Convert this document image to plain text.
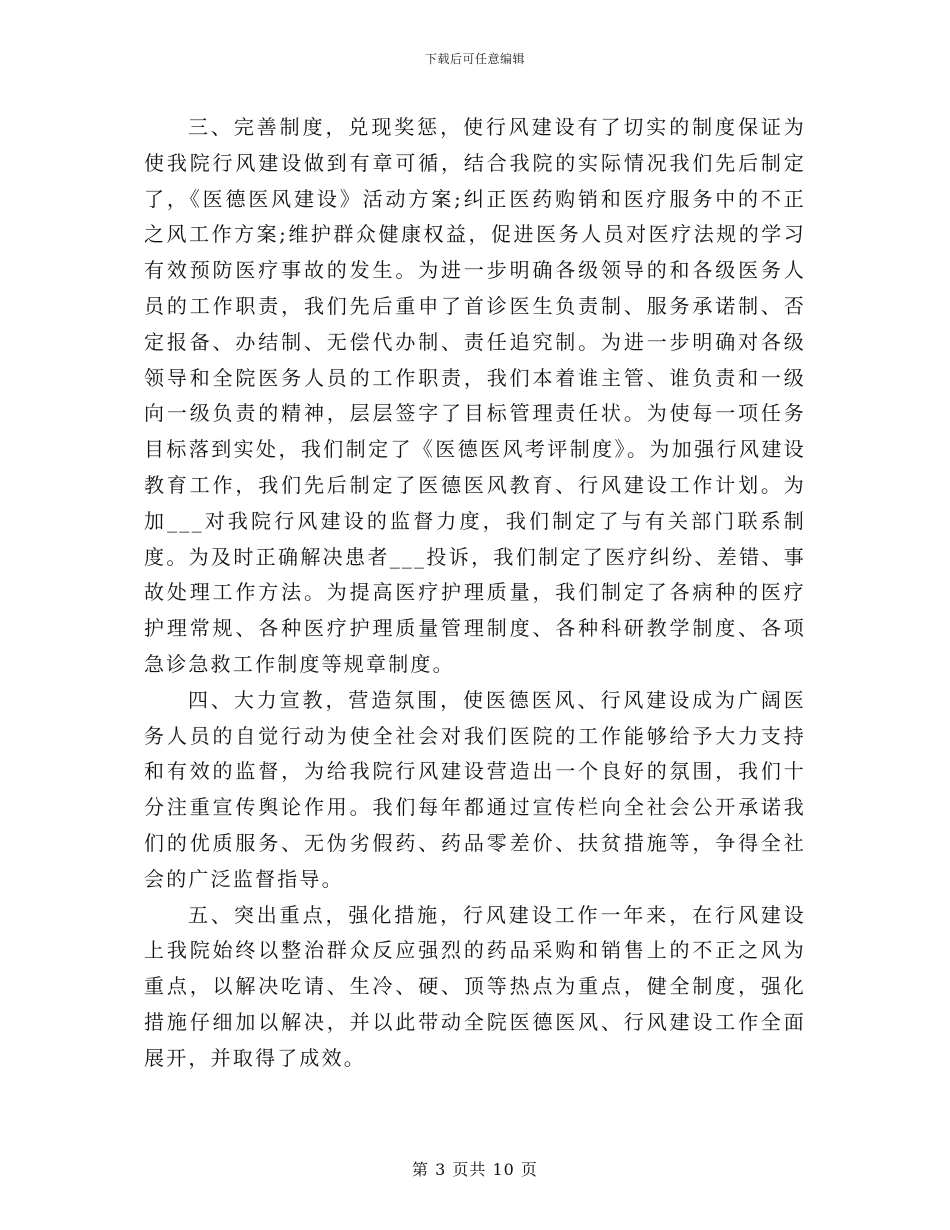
下载后可任意编辑

三、完善制度，兑现奖惩，使行风建设有了切实的制度保证为使我院行风建设做到有章可循，结合我院的实际情况我们先后制定了，《医德医风建设》活动方案;纠正医药购销和医疗服务中的不正之风工作方案;维护群众健康权益，促进医务人员对医疗法规的学习有效预防医疗事故的发生。为进一步明确各级领导的和各级医务人员的工作职责，我们先后重申了首诊医生负责制、服务承诺制、否定报备、办结制、无偿代办制、责任追究制。为进一步明确对各级领导和全院医务人员的工作职责，我们本着谁主管、谁负责和一级向一级负责的精神，层层签字了目标管理责任状。为使每一项任务目标落到实处，我们制定了《医德医风考评制度》。为加强行风建设教育工作，我们先后制定了医德医风教育、行风建设工作计划。为加___对我院行风建设的监督力度，我们制定了与有关部门联系制度。为及时正确解决患者___投诉，我们制定了医疗纠纷、差错、事故处理工作方法。为提高医疗护理质量，我们制定了各病种的医疗护理常规、各种医疗护理质量管理制度、各种科研教学制度、各项急诊急救工作制度等规章制度。

四、大力宣教，营造氛围，使医德医风、行风建设成为广阔医务人员的自觉行动为使全社会对我们医院的工作能够给予大力支持和有效的监督，为给我院行风建设营造出一个良好的氛围，我们十分注重宣传舆论作用。我们每年都通过宣传栏向全社会公开承诺我们的优质服务、无伪劣假药、药品零差价、扶贫措施等，争得全社会的广泛监督指导。

五、突出重点，强化措施，行风建设工作一年来，在行风建设上我院始终以整治群众反应强烈的药品采购和销售上的不正之风为重点，以解决吃请、生冷、硬、顶等热点为重点，健全制度，强化措施仔细加以解决，并以此带动全院医德医风、行风建设工作全面展开，并取得了成效。

第 3 页共 10 页
